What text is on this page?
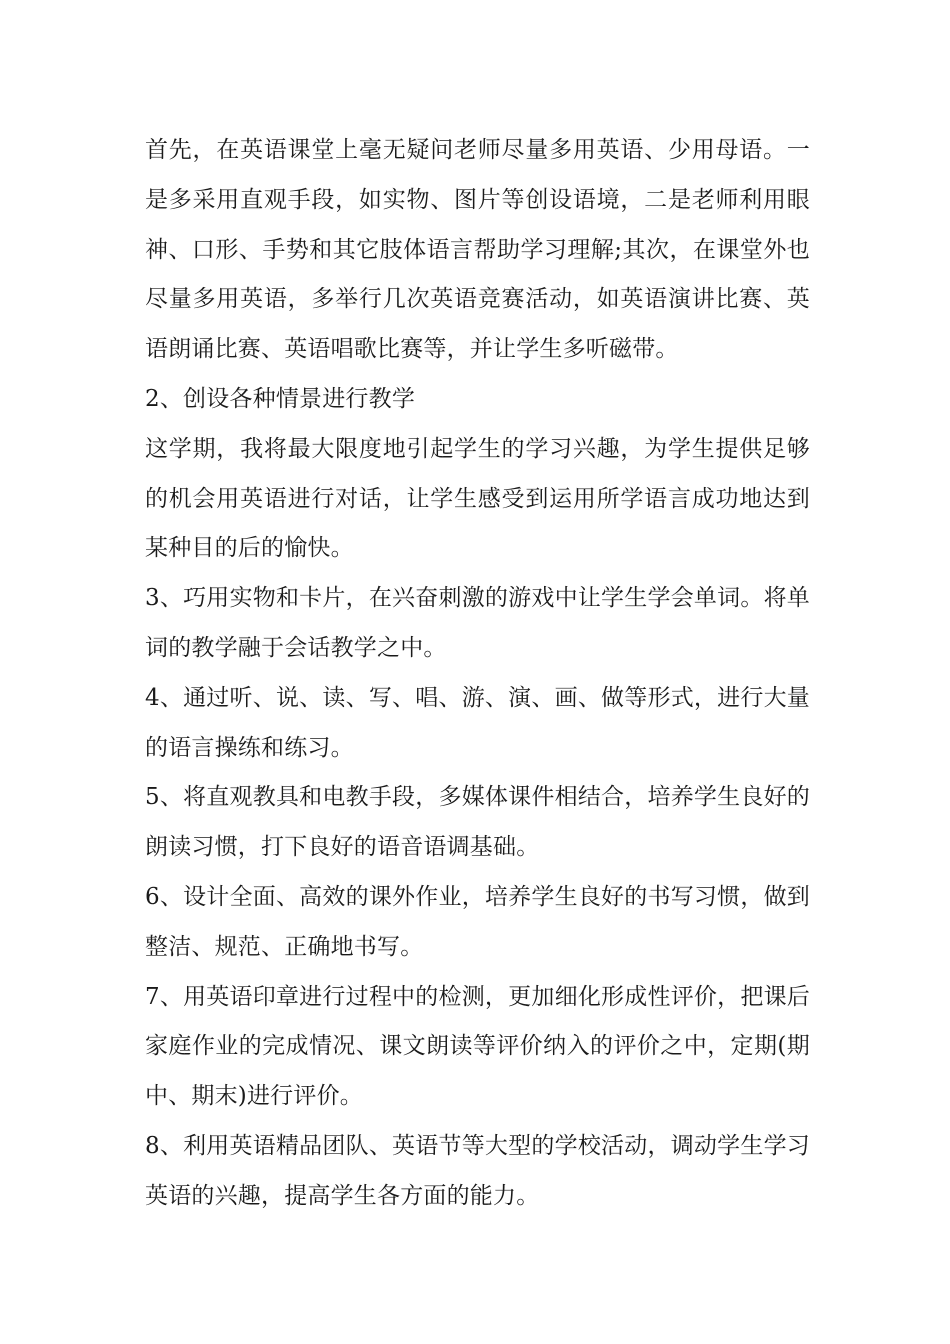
首先，在英语课堂上毫无疑问老师尽量多用英语、少用母语。一是多采用直观手段，如实物、图片等创设语境，二是老师利用眼神、口形、手势和其它肢体语言帮助学习理解;其次，在课堂外也尽量多用英语，多举行几次英语竞赛活动，如英语演讲比赛、英语朗诵比赛、英语唱歌比赛等，并让学生多听磁带。

2、创设各种情景进行教学

这学期，我将最大限度地引起学生的学习兴趣，为学生提供足够的机会用英语进行对话，让学生感受到运用所学语言成功地达到某种目的后的愉快。

3、巧用实物和卡片，在兴奋刺激的游戏中让学生学会单词。将单词的教学融于会话教学之中。

4、通过听、说、读、写、唱、游、演、画、做等形式，进行大量的语言操练和练习。

5、将直观教具和电教手段，多媒体课件相结合，培养学生良好的朗读习惯，打下良好的语音语调基础。

6、设计全面、高效的课外作业，培养学生良好的书写习惯，做到整洁、规范、正确地书写。

7、用英语印章进行过程中的检测，更加细化形成性评价，把课后家庭作业的完成情况、课文朗读等评价纳入的评价之中，定期(期中、期末)进行评价。

8、利用英语精品团队、英语节等大型的学校活动，调动学生学习英语的兴趣，提高学生各方面的能力。
